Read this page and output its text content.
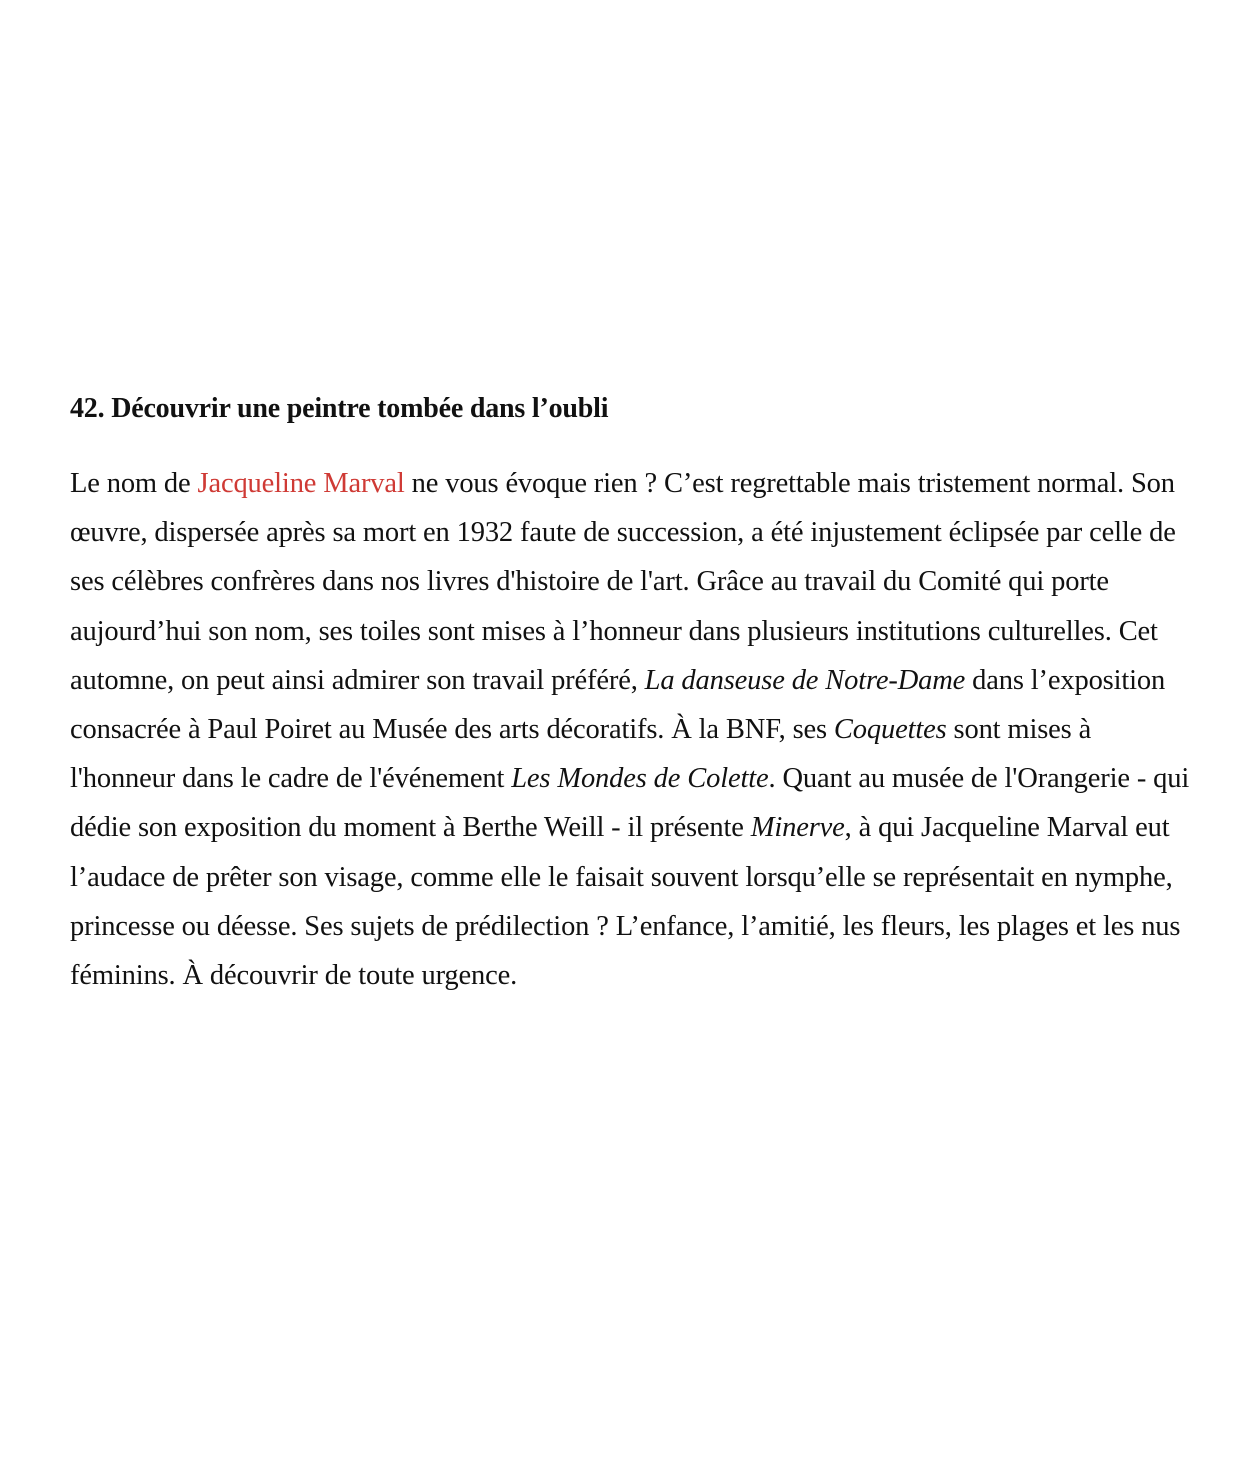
42. Découvrir une peintre tombée dans l’oubli

Le nom de Jacqueline Marval ne vous évoque rien ? C’est regrettable mais tristement normal. Son œuvre, dispersée après sa mort en 1932 faute de succession, a été injustement éclipsée par celle de ses célèbres confrères dans nos livres d'histoire de l'art. Grâce au travail du Comité qui porte aujourd’hui son nom, ses toiles sont mises à l’honneur dans plusieurs institutions culturelles. Cet automne, on peut ainsi admirer son travail préféré, La danseuse de Notre-Dame dans l’exposition consacrée à Paul Poiret au Musée des arts décoratifs. À la BNF, ses Coquettes sont mises à l'honneur dans le cadre de l'événement Les Mondes de Colette. Quant au musée de l'Orangerie - qui dédie son exposition du moment à Berthe Weill - il présente Minerve, à qui Jacqueline Marval eut l’audace de prêter son visage, comme elle le faisait souvent lorsqu’elle se représentait en nymphe, princesse ou déesse. Ses sujets de prédilection ? L’enfance, l’amitié, les fleurs, les plages et les nus féminins. À découvrir de toute urgence.
